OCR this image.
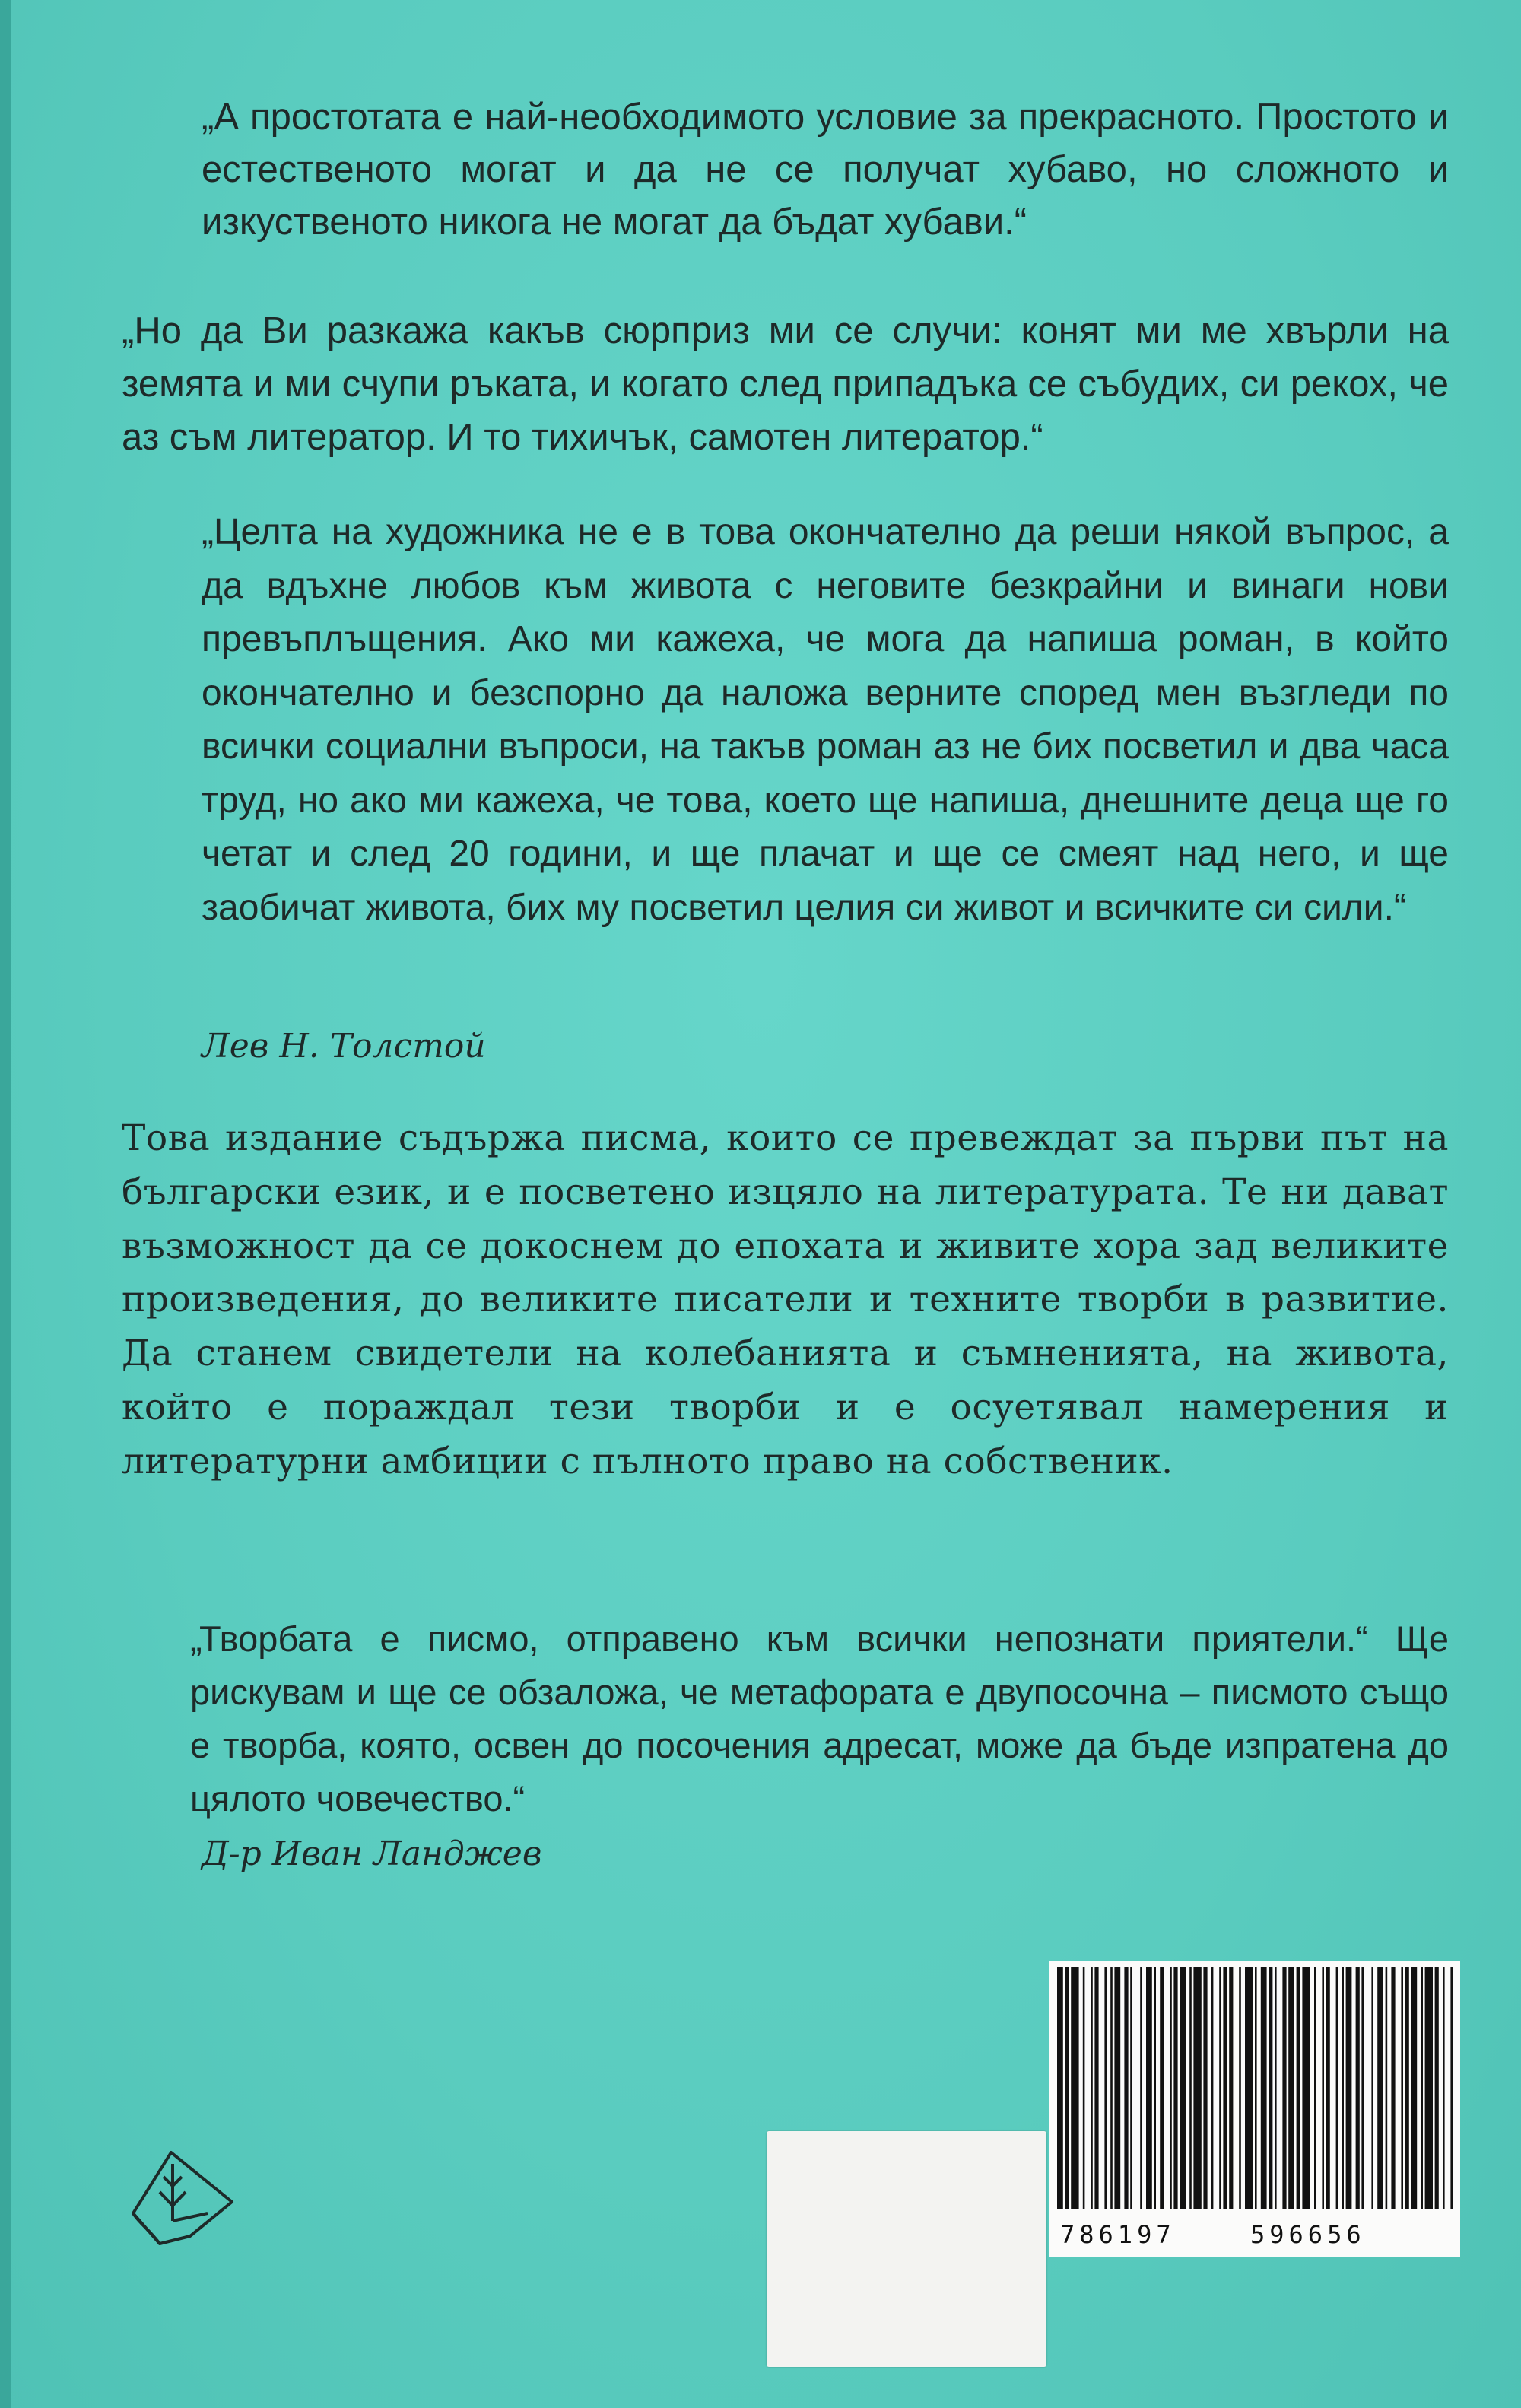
„А простотата е най-необходимото условие за прекрасното. Простото и естественото могат и да не се получат хубаво, но сложното и изкуственото никога не могат да бъдат хубави.“

„Но да Ви разкажа какъв сюрприз ми се случи: конят ми ме хвърли на земята и ми счупи ръката, и когато след припадъка се събудих, си рекох, че аз съм литератор. И то тихичък, самотен литератор.“

„Целта на художника не е в това окончателно да реши някой въпрос, а да вдъхне любов към живота с неговите безкрайни и винаги нови превъплъщения. Ако ми кажеха, че мога да напиша роман, в който окончателно и безспорно да наложа верните според мен възгледи по всички социални въпроси, на такъв роман аз не бих посветил и два часа труд, но ако ми кажеха, че това, което ще напиша, днешните деца ще го четат и след 20 години, и ще плачат и ще се смеят над него, и ще заобичат живота, бих му посветил целия си живот и всичките си сили.“

Лев Н. Толстой

Това издание съдържа писма, които се превеждат за първи път на български език, и е посветено изцяло на литературата. Те ни дават възможност да се докоснем до епохата и живите хора зад великите произведения, до великите писатели и техните творби в развитие. Да станем свидетели на колебанията и съмненията, на живота, който е пораждал тези творби и е осуетявал намерения и литературни амбиции с пълното право на собственик.

„Творбата е писмо, отправено към всички непознати приятели.“ Ще рискувам и ще се обзаложа, че метафората е двупосочна – писмото също е творба, която, освен до посочения адресат, може да бъде изпратена до цялото човечество.“

Д-р Иван Ланджев
786197	596656
